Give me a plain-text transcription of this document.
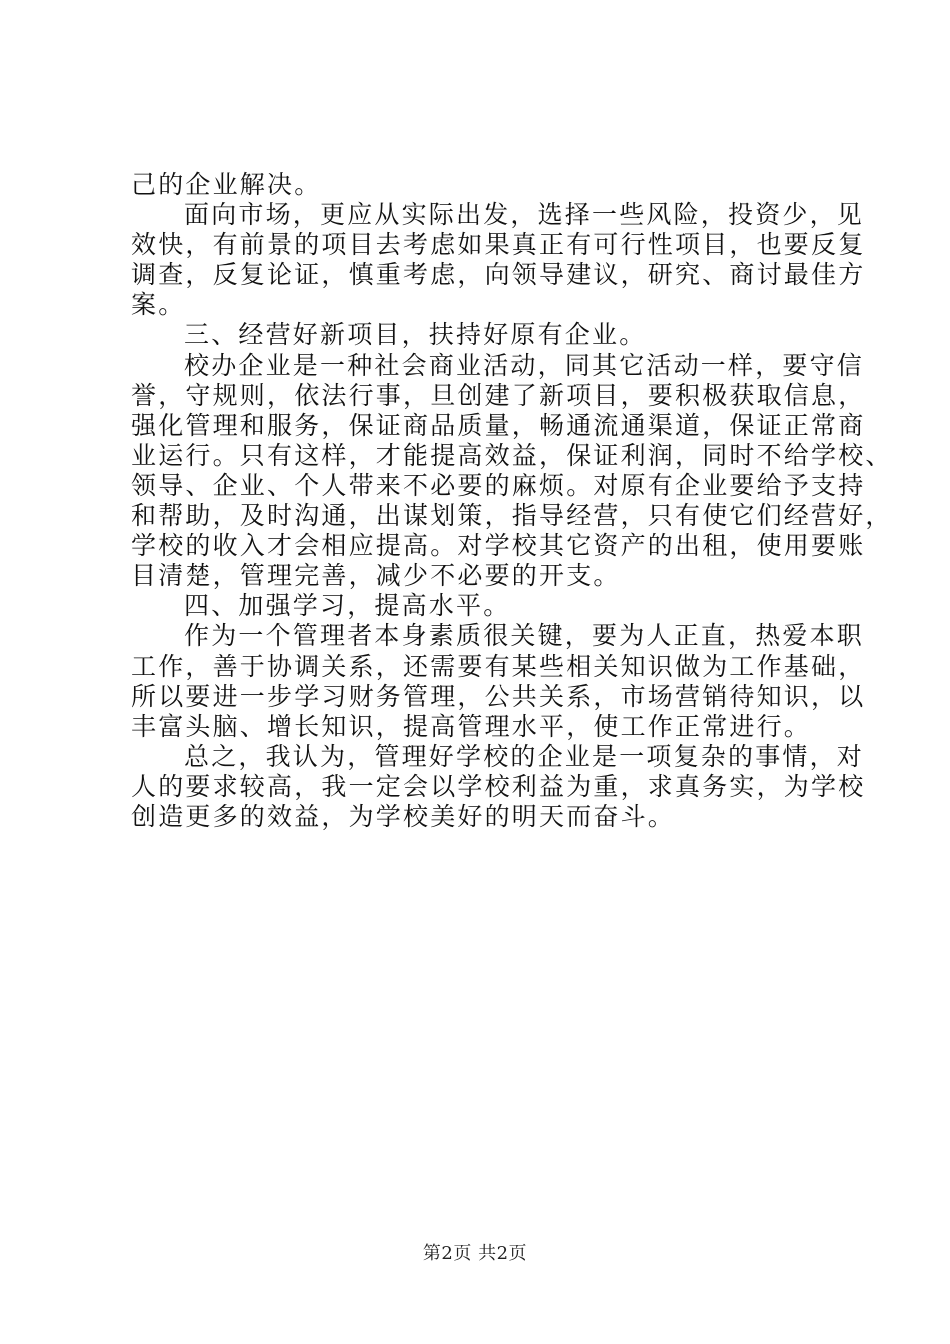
己的企业解决。
面向市场，更应从实际出发，选择一些风险，投资少，见
效快，有前景的项目去考虑如果真正有可行性项目，也要反复
调查，反复论证，慎重考虑，向领导建议，研究、商讨最佳方
案。
三、经营好新项目，扶持好原有企业。
校办企业是一种社会商业活动，同其它活动一样，要守信
誉，守规则，依法行事，旦创建了新项目，要积极获取信息，
强化管理和服务，保证商品质量，畅通流通渠道，保证正常商
业运行。只有这样，才能提高效益，保证利润，同时不给学校、
领导、企业、个人带来不必要的麻烦。对原有企业要给予支持
和帮助，及时沟通，出谋划策，指导经营，只有使它们经营好，
学校的收入才会相应提高。对学校其它资产的出租，使用要账
目清楚，管理完善，减少不必要的开支。
四、加强学习，提高水平。
作为一个管理者本身素质很关键，要为人正直，热爱本职
工作，善于协调关系，还需要有某些相关知识做为工作基础，
所以要进一步学习财务管理，公共关系，市场营销待知识，以
丰富头脑、增长知识，提高管理水平，使工作正常进行。
总之，我认为，管理好学校的企业是一项复杂的事情，对
人的要求较高，我一定会以学校利益为重，求真务实，为学校
创造更多的效益，为学校美好的明天而奋斗。
第2页 共2页
